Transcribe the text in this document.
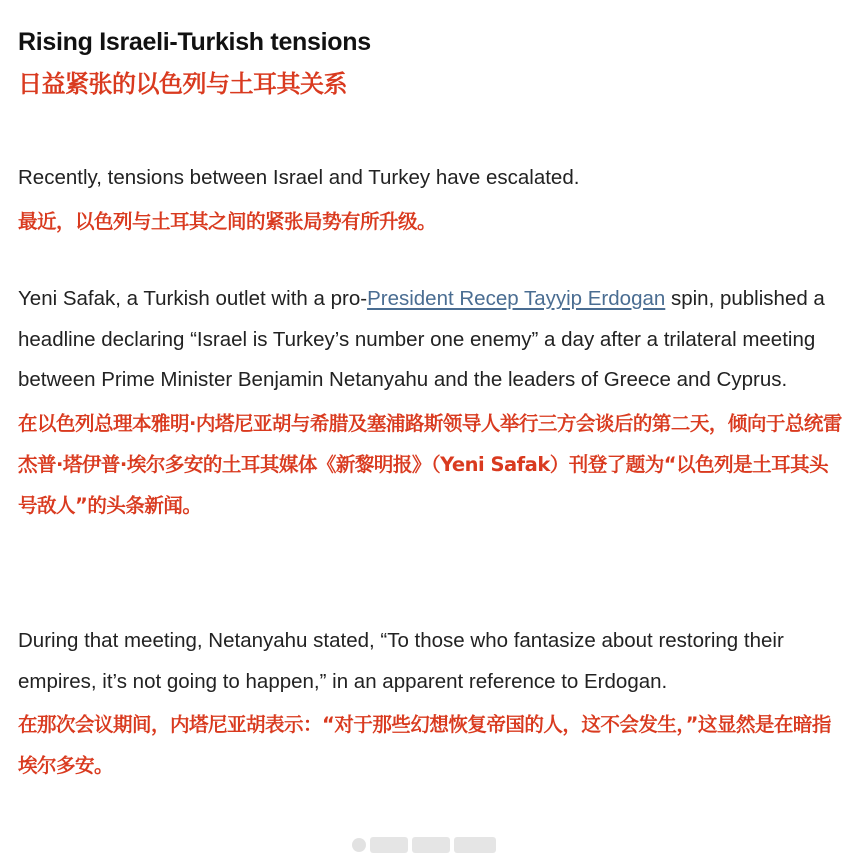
Rising Israeli-Turkish tensions
日益紧张的以色列与土耳其关系

Recently, tensions between Israel and Turkey have escalated.

最近，以色列与土耳其之间的紧张局势有所升级。

Yeni Safak, a Turkish outlet with a pro-President Recep Tayyip Erdogan spin, published a headline declaring “Israel is Turkey’s number one enemy” a day after a trilateral meeting between Prime Minister Benjamin Netanyahu and the leaders of Greece and Cyprus.

在以色列总理本雅明·内塔尼亚胡与希腊及塞浦路斯领导人举行三方会谈后的第二天，倾向于总统雷杰普·塔伊普·埃尔多安的土耳其媒体《新黎明报》（Yeni Safak）刊登了题为“以色列是土耳其头号敌人”的头条新闻。

During that meeting, Netanyahu stated, “To those who fantasize about restoring their empires, it’s not going to happen,” in an apparent reference to Erdogan.

在那次会议期间，内塔尼亚胡表示：“对于那些幻想恢复帝国的人，这不会发生，”这显然是在暗指埃尔多安。
